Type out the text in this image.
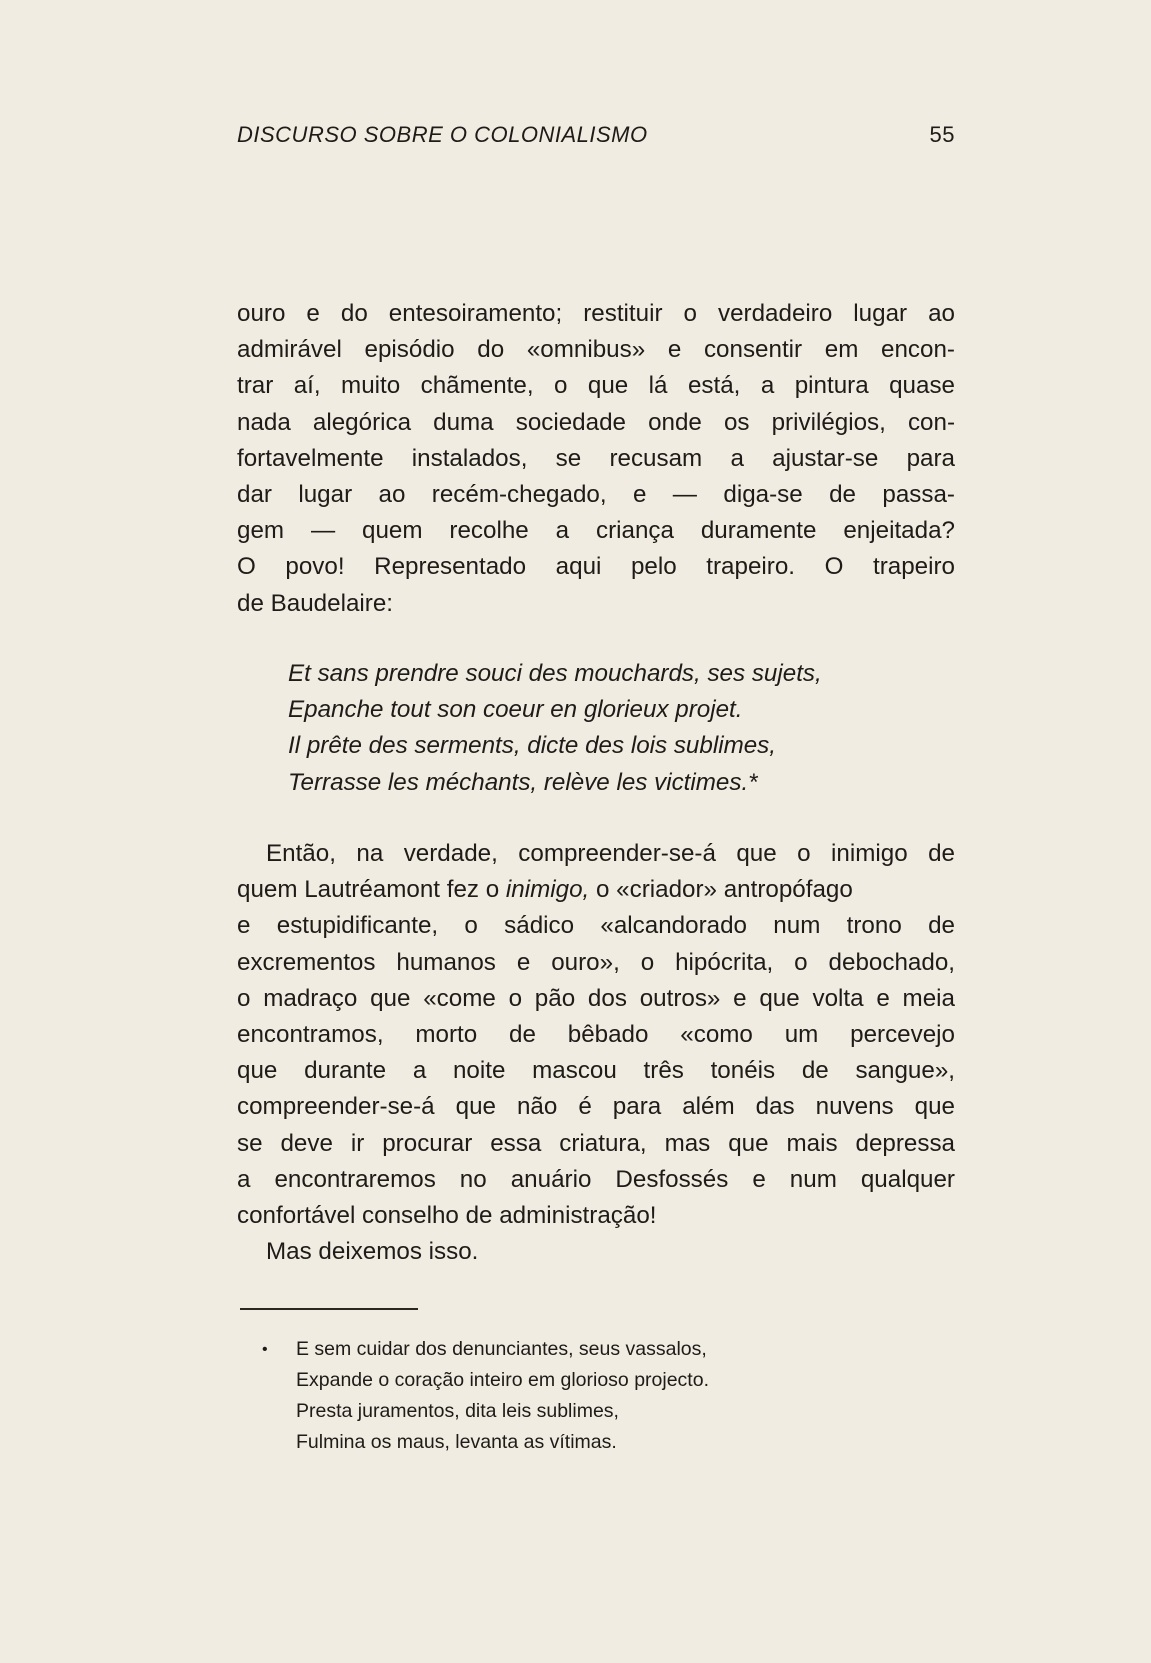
DISCURSO SOBRE O COLONIALISMO	55
ouro e do entesoiramento; restituir o verdadeiro lugar ao
admirável episódio do «omnibus» e consentir em encon-
trar aí, muito chãmente, o que lá está, a pintura quase
nada alegórica duma sociedade onde os privilégios, con-
fortavelmente instalados, se recusam a ajustar-se para
dar lugar ao recém-chegado, e — diga-se de passa-
gem — quem recolhe a criança duramente enjeitada?
O povo! Representado aqui pelo trapeiro. O trapeiro
de Baudelaire:
Et sans prendre souci des mouchards, ses sujets,
Epanche tout son coeur en glorieux projet.
Il prête des serments, dicte des lois sublimes,
Terrasse les méchants, relève les victimes.*
Então, na verdade, compreender-se-á que o inimigo de
quem Lautréamont fez o inimigo, o «criador» antropófago
e estupidificante, o sádico «alcandorado num trono de
excrementos humanos e ouro», o hipócrita, o debochado,
o madraço que «come o pão dos outros» e que volta e meia
encontramos, morto de bêbado «como um percevejo
que durante a noite mascou três tonéis de sangue»,
compreender-se-á que não é para além das nuvens que
se deve ir procurar essa criatura, mas que mais depressa
a encontraremos no anuário Desfossés e num qualquer
confortável conselho de administração!
Mas deixemos isso.
• E sem cuidar dos denunciantes, seus vassalos,
Expande o coração inteiro em glorioso projecto.
Presta juramentos, dita leis sublimes,
Fulmina os maus, levanta as vítimas.
